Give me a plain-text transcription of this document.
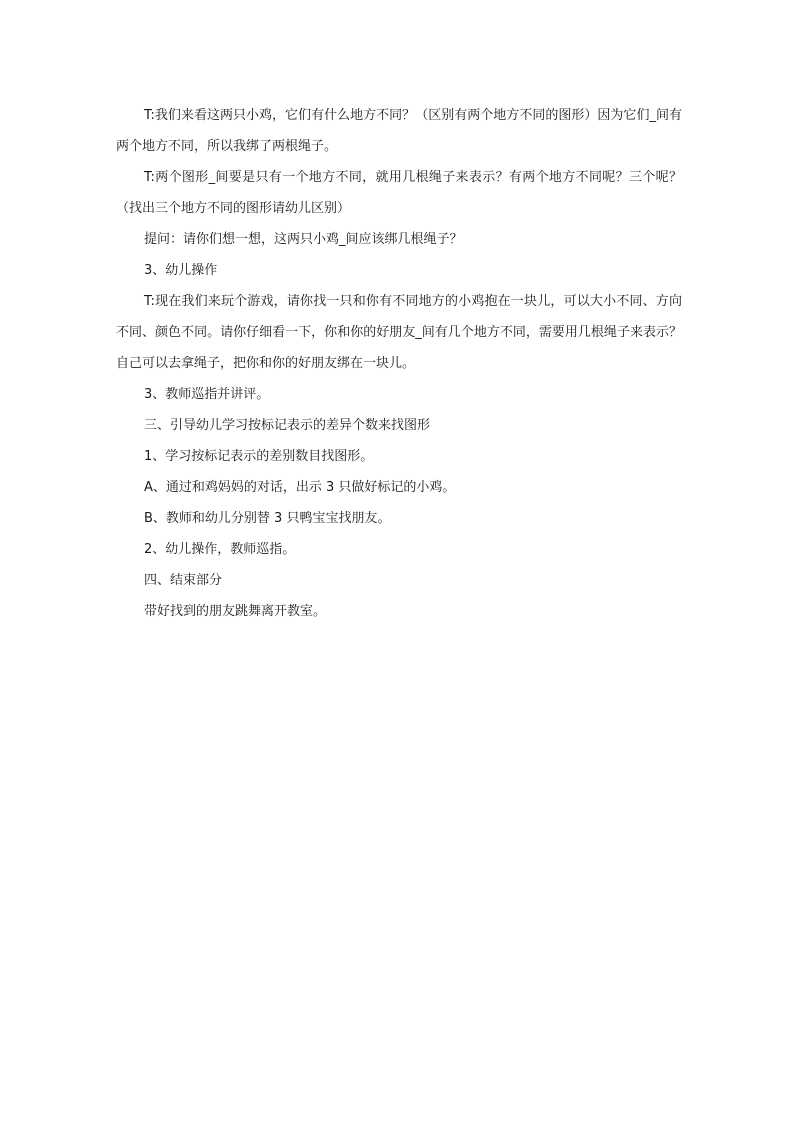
T:我们来看这两只小鸡，它们有什么地方不同？（区别有两个地方不同的图形）因为它们_间有两个地方不同，所以我绑了两根绳子。

T:两个图形_间要是只有一个地方不同，就用几根绳子来表示？有两个地方不同呢？三个呢？（找出三个地方不同的图形请幼儿区别）

提问：请你们想一想，这两只小鸡_间应该绑几根绳子？

3、幼儿操作

T:现在我们来玩个游戏，请你找一只和你有不同地方的小鸡抱在一块儿，可以大小不同、方向不同、颜色不同。请你仔细看一下，你和你的好朋友_间有几个地方不同，需要用几根绳子来表示？自己可以去拿绳子，把你和你的好朋友绑在一块儿。

3、教师巡指并讲评。

三、引导幼儿学习按标记表示的差异个数来找图形

1、学习按标记表示的差别数目找图形。

A、通过和鸡妈妈的对话，出示 3 只做好标记的小鸡。

B、教师和幼儿分别替 3 只鸭宝宝找朋友。

2、幼儿操作，教师巡指。

四、结束部分

带好找到的朋友跳舞离开教室。
